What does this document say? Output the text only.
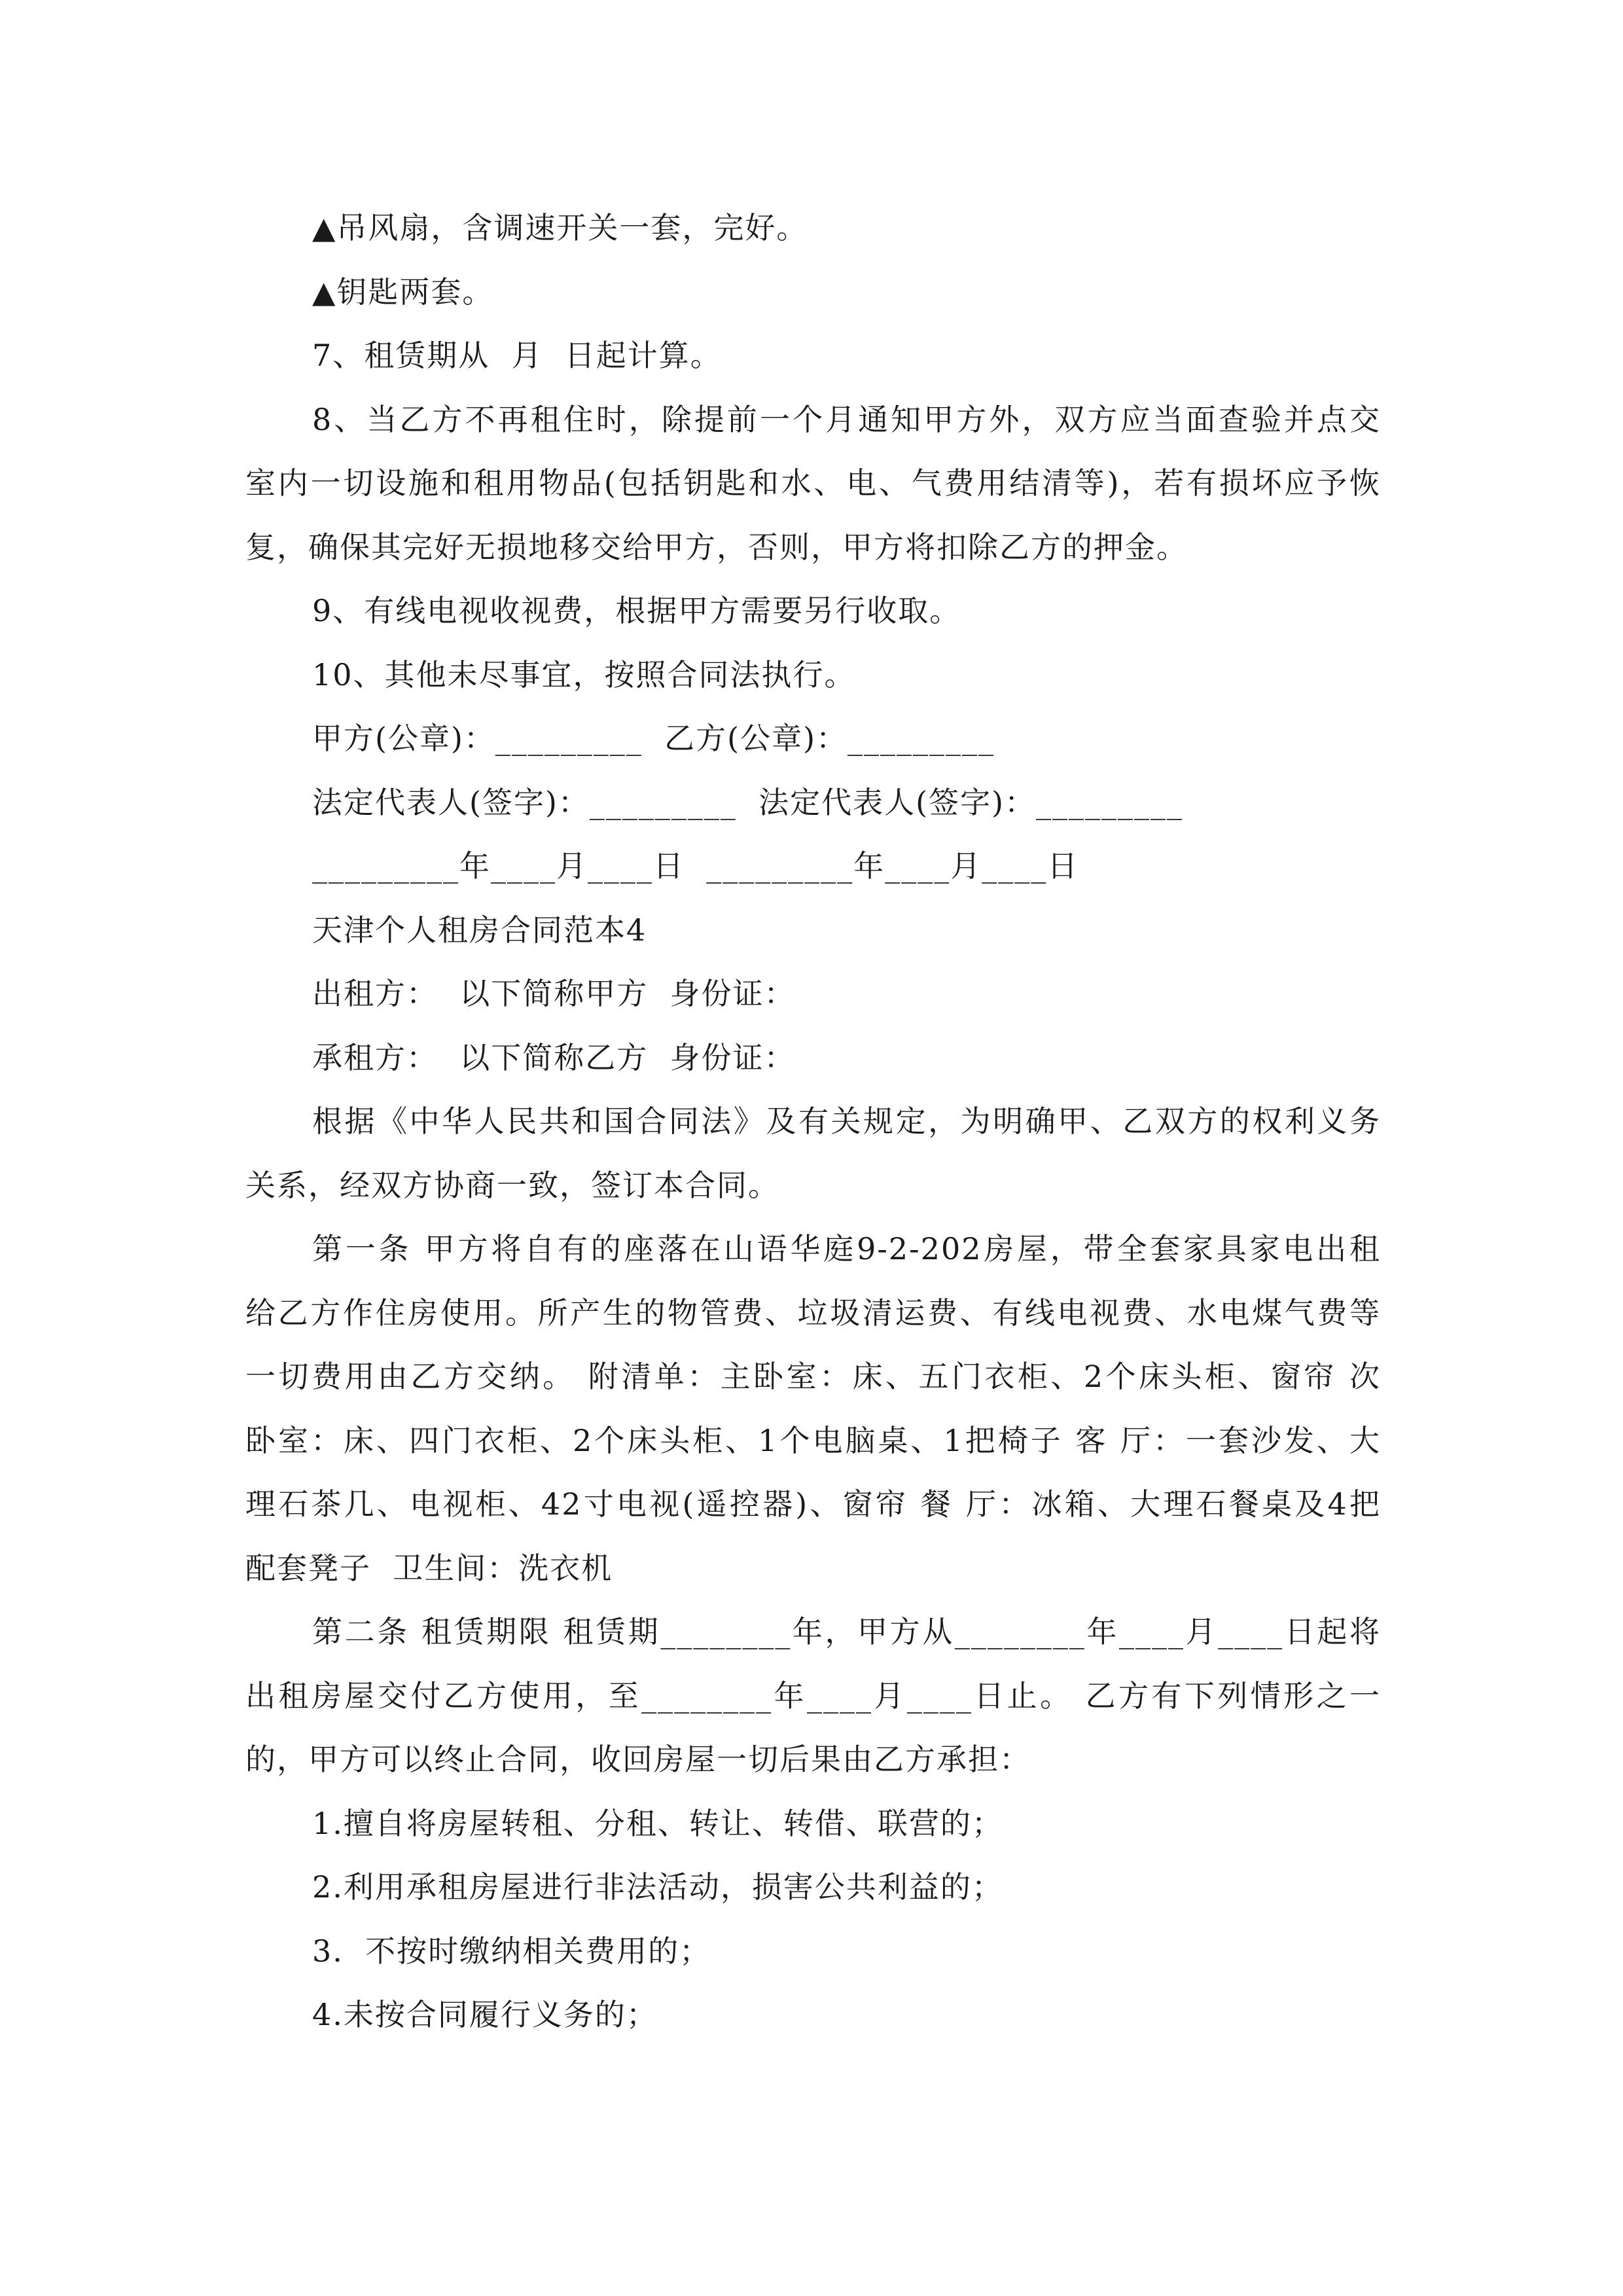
▲吊风扇，含调速开关一套，完好。
▲钥匙两套。
7、租赁期从  月  日起计算。
8、当乙方不再租住时，除提前一个月通知甲方外，双方应当面查验并点交
室内一切设施和租用物品(包括钥匙和水、电、气费用结清等)，若有损坏应予恢
复，确保其完好无损地移交给甲方，否则，甲方将扣除乙方的押金。
9、有线电视收视费，根据甲方需要另行收取。
10、其他未尽事宜，按照合同法执行。
甲方(公章)：_________  乙方(公章)：_________
法定代表人(签字)：_________  法定代表人(签字)：_________
_________年____月____日  _________年____月____日
天津个人租房合同范本4
出租方：  以下简称甲方  身份证：
承租方：  以下简称乙方  身份证：
根据《中华人民共和国合同法》及有关规定，为明确甲、乙双方的权利义务
关系，经双方协商一致，签订本合同。
第一条 甲方将自有的座落在山语华庭9-2-202房屋，带全套家具家电出租
给乙方作住房使用。所产生的物管费、垃圾清运费、有线电视费、水电煤气费等
一切费用由乙方交纳。 附清单：主卧室：床、五门衣柜、2个床头柜、窗帘 次
卧室：床、四门衣柜、2个床头柜、1个电脑桌、1把椅子 客 厅：一套沙发、大
理石茶几、电视柜、42寸电视(遥控器)、窗帘 餐 厅：冰箱、大理石餐桌及4把
配套凳子  卫生间：洗衣机
第二条 租赁期限 租赁期________年，甲方从________年____月____日起将
出租房屋交付乙方使用，至________年____月____日止。 乙方有下列情形之一
的，甲方可以终止合同，收回房屋一切后果由乙方承担：
1.擅自将房屋转租、分租、转让、转借、联营的；
2.利用承租房屋进行非法活动，损害公共利益的；
3.  不按时缴纳相关费用的；
4.未按合同履行义务的；
